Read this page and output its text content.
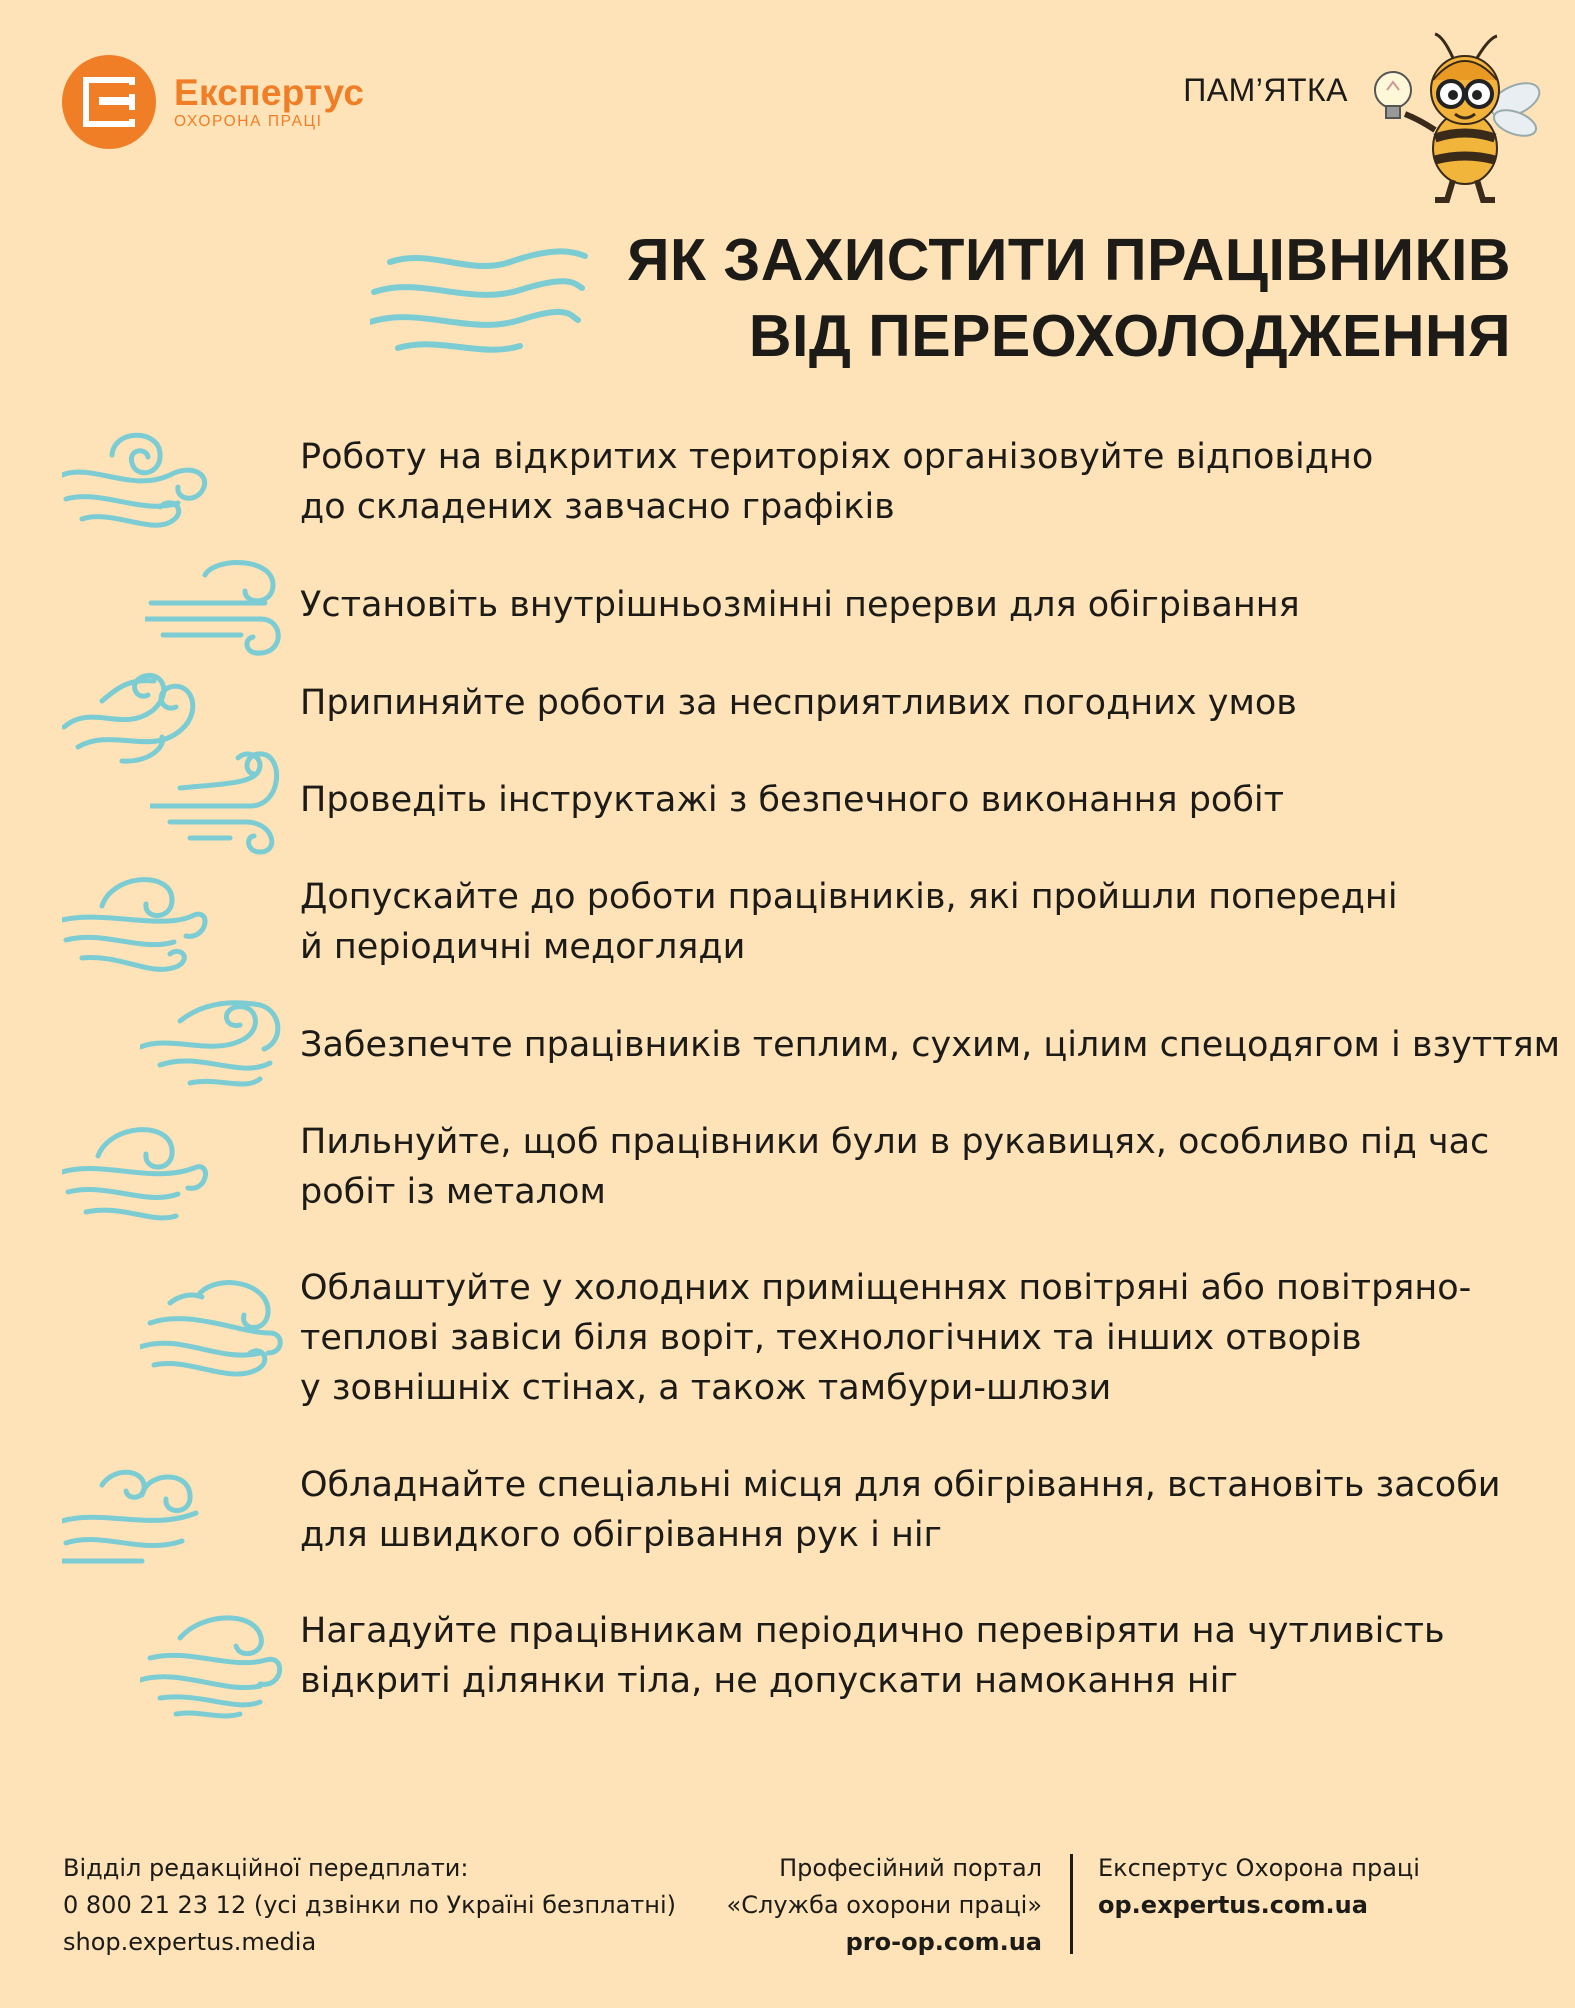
Експертус
ОХОРОНА ПРАЦІ
ПАМ’ЯТКА
ЯК ЗАХИСТИТИ ПРАЦІВНИКІВ
ВІД ПЕРЕОХОЛОДЖЕННЯ
Роботу на відкритих територіях організовуйте відповідно
до складених завчасно графіків
Установіть внутрішньозмінні перерви для обігрівання
Припиняйте роботи за несприятливих погодних умов
Проведіть інструктажі з безпечного виконання робіт
Допускайте до роботи працівників, які пройшли попередні
й періодичні медогляди
Забезпечте працівників теплим, сухим, цілим спецодягом і взуттям
Пильнуйте, щоб працівники були в рукавицях, особливо під час
робіт із металом
Облаштуйте у холодних приміщеннях повітряні або повітряно-
теплові завіси біля воріт, технологічних та інших отворів
у зовнішніх стінах, а також тамбури-шлюзи
Обладнайте спеціальні місця для обігрівання, встановіть засоби
для швидкого обігрівання рук і ніг
Нагадуйте працівникам періодично перевіряти на чутливість
відкриті ділянки тіла, не допускати намокання ніг
Відділ редакційної передплати:
0 800 21 23 12 (усі дзвінки по Україні безплатні)
shop.expertus.media
Професійний портал
«Служба охорони праці»
pro-op.com.ua
Експертус Охорона праці
op.expertus.com.ua
